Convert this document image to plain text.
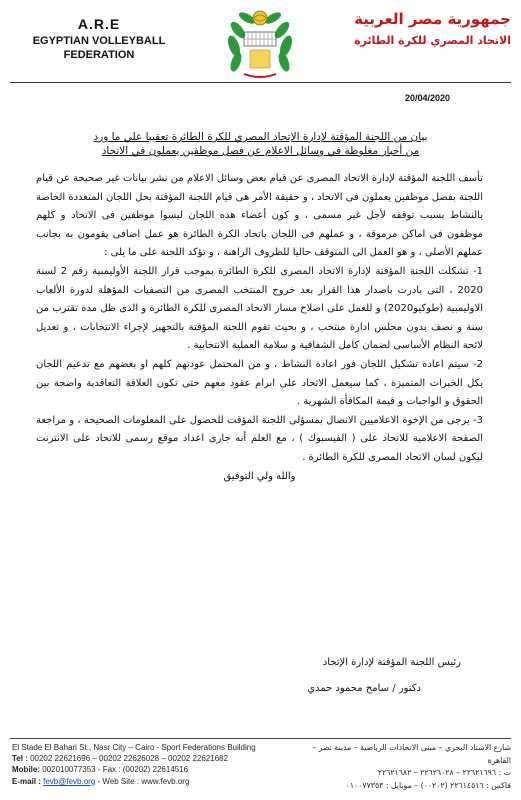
A.R.E
EGYPTIAN VOLLEYBALL
FEDERATION
جمهورية مصر العربية
الاتحاد المصري للكرة الطائرة
20/04/2020
بيان من اللجنة المؤقتة لإدارة الإتحاد المصري للكرة الطائرة تعقيبا علي ما ورد
من أخبار مغلوطة في وسائل الاعلام عن فصل موظفين يعملون في الاتحاد

تأسف اللجنة المؤقتة لإدارة الاتحاد المصرى عن قيام بعض وسائل الاعلام من نشر بيانات غير صحيحة عن قيام اللجنة بفصل موظفين يعملون فى الاتحاد ، و حقيقة الأمر هى قيام اللجنة المؤقتة بحل اللجان المتعددة الخاصة بالنشاط بسبب توقفه لأجل غير مسمى ، و كون أعضاء هذه اللجان ليسوا موظفين فى الاتحاد و كلهم موظفون فى اماكن مرموقة ، و عملهم فى اللجان باتحاد الكرة الطائرة هو عمل اضافى يقومون به بجانب عملهم الأصلى ، و هو العمل الى المتوقف حاليا للظروف الراهنة ، و تؤكد اللجنة على ما يلى :

1- تشكلت اللجنة المؤقتة لإدارة الاتحاد المصرى للكرة الطائرة بموجب قرار اللجنة الأوليمبية رقم 2 لسنة 2020 ، التى بادرت باصدار هذا القرار بعد خروج المنتخب المصرى من التصفيات المؤهلة لدورة الألعاب الاوليمبية (طوكيو2020) و للعمل على اصلاح مسار الاتحاد المصرى للكرة الطائرة و الذى ظل مدة تقترب من سنة و نصف بدون مجلس ادارة منتخب ، و بحيث تقوم اللجنة المؤقتة بالتجهيز لإجراء الانتخابات ، و تعديل لائحة النظام الأساسى لضمان كامل الشفافية و سلامة العملية الانتخابية .

2- سيتم اعادة تشكيل اللجان فور اعادة النشاط ، و من المحتمل عودتهم كلهم او بعضهم مع تدعيم اللجان بكل الخبرات المتميزة ، كما سيعمل الاتحاد على ابرام عقود معهم حتى تكون العلاقة التعاقدية واضحة بين الحقوق و الواجبات و قيمة المكافأة الشهرية .

3- يرجى من الإخوة الاعلاميين الاتصال بمسؤلى اللجنة المؤقت للحصول على المعلومات الصحيحة ، و مراجعة الصفحة الاعلامية للاتحاد على ( الفيسبوك ) ، مع العلم أنه جارى اعداد موقع رسمى للاتحاد على الانترنت ليكون لسان الاتحاد المصرى للكرة الطائرة .

والله ولي التوفيق

رئيس اللجنة المؤقتة لإدارة الإتحاد
دكتور / سامح محمود حمدي
El Stade El Bahari St., Nasr City – Cairo - Sport Federations Building
Tel : 00202 22621696 – 00202 22626028 – 00202 22621682
Mobile: 002010077353 - Fax : (00202) 22614516
E-mail : fevb@fevb.org - Web Site : www.fevb.org
شارع الاستاد البحري – مبنى الاتحادات الرياضية – مدينة نصر – القاهرة
ت : ٢٢٦٢١٦٩٦ – ٢٢٦٢٦٠٢٨ – ٢٢٦٢١٦٨٢
فاكس : ٢٢٦١٤٥١٦ (٠٠٢٠٢) – موبايل : ٠١٠٠٧٧٣٥٣
